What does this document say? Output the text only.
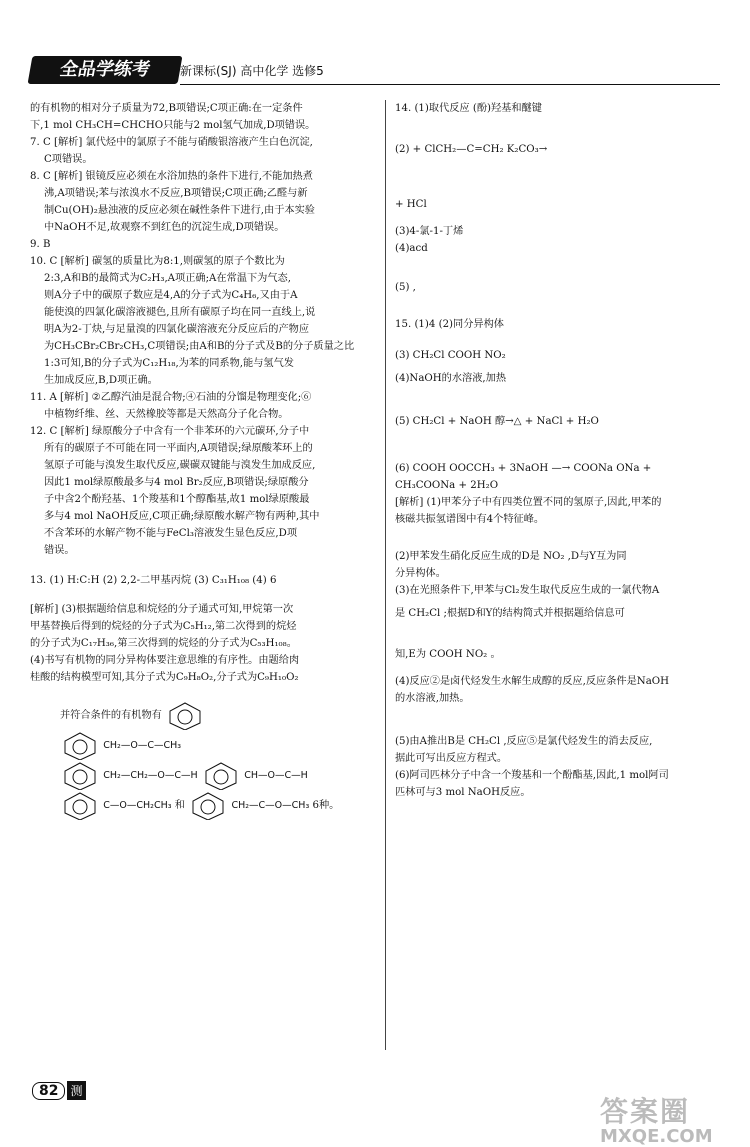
全品学练考	新课标(SJ) 高中化学 选修5

的有机物的相对分子质量为72,B项错误;C项正确:在一定条件

下,1 mol CH₃CH=CHCHO只能与2 mol氢气加成,D项错误。

7. C [解析] 氯代烃中的氯原子不能与硝酸银溶液产生白色沉淀,

C项错误。

8. C [解析] 银镜反应必须在水浴加热的条件下进行,不能加热煮

沸,A项错误;苯与浓溴水不反应,B项错误;C项正确;乙醛与新

制Cu(OH)₂悬浊液的反应必须在碱性条件下进行,由于本实验

中NaOH不足,故观察不到红色的沉淀生成,D项错误。

9. B

10. C [解析] 碳氢的质量比为8:1,则碳氢的原子个数比为

2:3,A和B的最简式为C₂H₃,A项正确;A在常温下为气态,

则A分子中的碳原子数应是4,A的分子式为C₄H₆,又由于A

能使溴的四氯化碳溶液褪色,且所有碳原子均在同一直线上,说

明A为2-丁炔,与足量溴的四氯化碳溶液充分反应后的产物应

为CH₃CBr₂CBr₂CH₃,C项错误;由A和B的分子式及B的分子质量之比

1:3可知,B的分子式为C₁₂H₁₈,为苯的同系物,能与氢气发

生加成反应,B,D项正确。

11. A [解析] ②乙醇汽油是混合物;④石油的分馏是物理变化;⑥

中植物纤维、丝、天然橡胶等都是天然高分子化合物。

12. C [解析] 绿原酸分子中含有一个非苯环的六元碳环,分子中

所有的碳原子不可能在同一平面内,A项错误;绿原酸苯环上的

氢原子可能与溴发生取代反应,碳碳双键能与溴发生加成反应,

因此1 mol绿原酸最多与4 mol Br₂反应,B项错误;绿原酸分

子中含2个酚羟基、1个羧基和1个醇酯基,故1 mol绿原酸最

多与4 mol NaOH反应,C项正确;绿原酸水解产物有两种,其中

不含苯环的水解产物不能与FeCl₃溶液发生显色反应,D项

错误。

13. (1) H:C:H (2) 2,2-二甲基丙烷 (3) C₃₁H₁₀₈ (4) 6

[解析] (3)根据题给信息和烷烃的分子通式可知,甲烷第一次

甲基替换后得到的烷烃的分子式为C₅H₁₂,第二次得到的烷烃

的分子式为C₁₇H₃₆,第三次得到的烷烃的分子式为C₅₃H₁₀₈。

(4)书写有机物的同分异构体要注意思维的有序性。由题给肉

桂酸的结构模型可知,其分子式为C₉H₈O₂,分子式为C₉H₁₀O₂

并符合条件的有机物有

CH₂—O—C—CH₃

CH₂—CH₂—O—C—H	CH—O—C—H

C—O—CH₂CH₃ 和	CH₂—C—O—CH₃ 6种。

14. (1)取代反应 (酚)羟基和醚键

(2) + ClCH₂—C=CH₂ K₂CO₃→

+ HCl

(3)4-氯-1-丁烯

(4)acd

(5) ,

15. (1)4 (2)同分异构体

(3) CH₂Cl COOH NO₂

(4)NaOH的水溶液,加热

(5) CH₂Cl + NaOH 醇→△ + NaCl + H₂O

(6) COOH OOCCH₃ + 3NaOH —→ COONa ONa +

CH₃COONa + 2H₂O

[解析] (1)甲苯分子中有四类位置不同的氢原子,因此,甲苯的

核磁共振氢谱图中有4个特征峰。

(2)甲苯发生硝化反应生成的D是 NO₂ ,D与Y互为同

分异构体。

(3)在光照条件下,甲苯与Cl₂发生取代反应生成的一氯代物A

是 CH₂Cl ;根据D和Y的结构简式并根据题给信息可

知,E为 COOH NO₂ 。

(4)反应②是卤代烃发生水解生成醇的反应,反应条件是NaOH

的水溶液,加热。

(5)由A推出B是 CH₂Cl ,反应⑤是氯代烃发生的消去反应,

据此可写出反应方程式。

(6)阿司匹林分子中含一个羧基和一个酚酯基,因此,1 mol阿司

匹林可与3 mol NaOH反应。

82 测
答案圈
MXQE.COM
